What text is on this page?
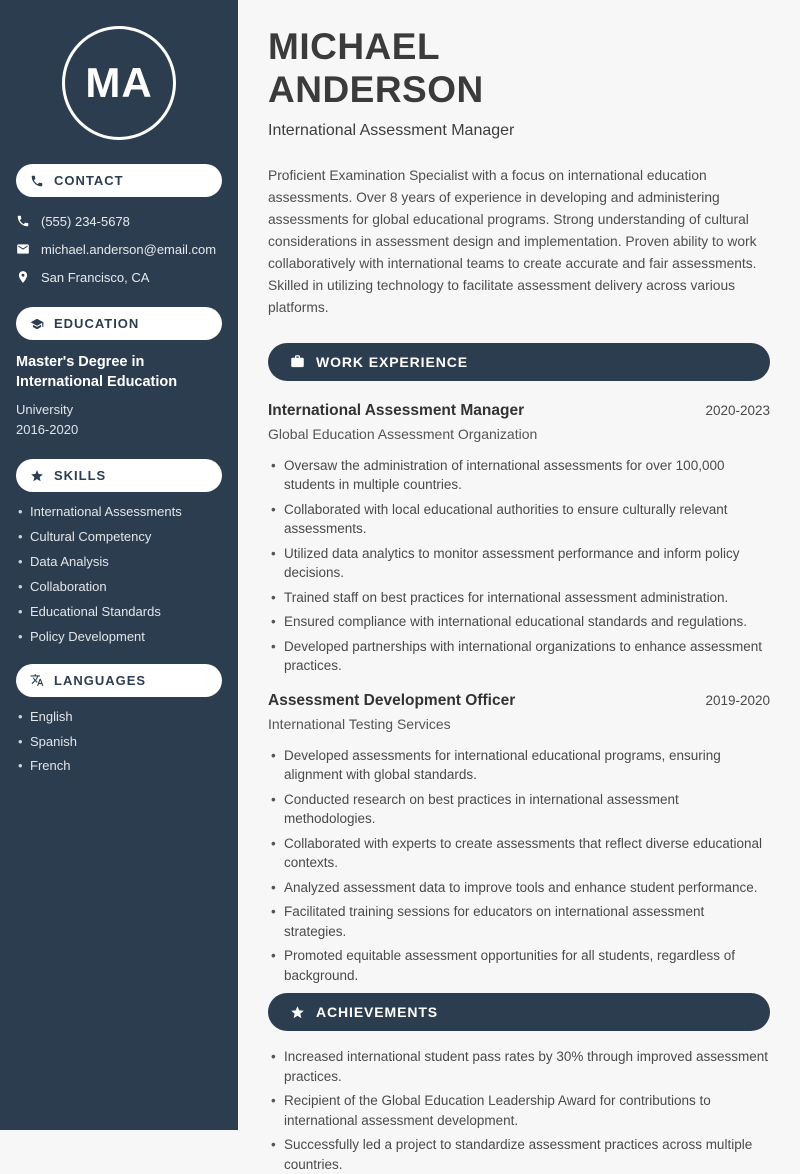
MA
CONTACT
(555) 234-5678
michael.anderson@email.com
San Francisco, CA
EDUCATION
Master's Degree in International Education
University
2016-2020
SKILLS
• International Assessments
• Cultural Competency
• Data Analysis
• Collaboration
• Educational Standards
• Policy Development
LANGUAGES
• English
• Spanish
• French
MICHAEL
ANDERSON
International Assessment Manager

Proficient Examination Specialist with a focus on international education assessments. Over 8 years of experience in developing and administering assessments for global educational programs. Strong understanding of cultural considerations in assessment design and implementation. Proven ability to work collaboratively with international teams to create accurate and fair assessments. Skilled in utilizing technology to facilitate assessment delivery across various platforms.

WORK EXPERIENCE
International Assessment Manager	2020-2023
Global Education Assessment Organization
• Oversaw the administration of international assessments for over 100,000 students in multiple countries.
• Collaborated with local educational authorities to ensure culturally relevant assessments.
• Utilized data analytics to monitor assessment performance and inform policy decisions.
• Trained staff on best practices for international assessment administration.
• Ensured compliance with international educational standards and regulations.
• Developed partnerships with international organizations to enhance assessment practices.
Assessment Development Officer	2019-2020
International Testing Services
• Developed assessments for international educational programs, ensuring alignment with global standards.
• Conducted research on best practices in international assessment methodologies.
• Collaborated with experts to create assessments that reflect diverse educational contexts.
• Analyzed assessment data to improve tools and enhance student performance.
• Facilitated training sessions for educators on international assessment strategies.
• Promoted equitable assessment opportunities for all students, regardless of background.
ACHIEVEMENTS
• Increased international student pass rates by 30% through improved assessment practices.
• Recipient of the Global Education Leadership Award for contributions to international assessment development.
• Successfully led a project to standardize assessment practices across multiple countries.
